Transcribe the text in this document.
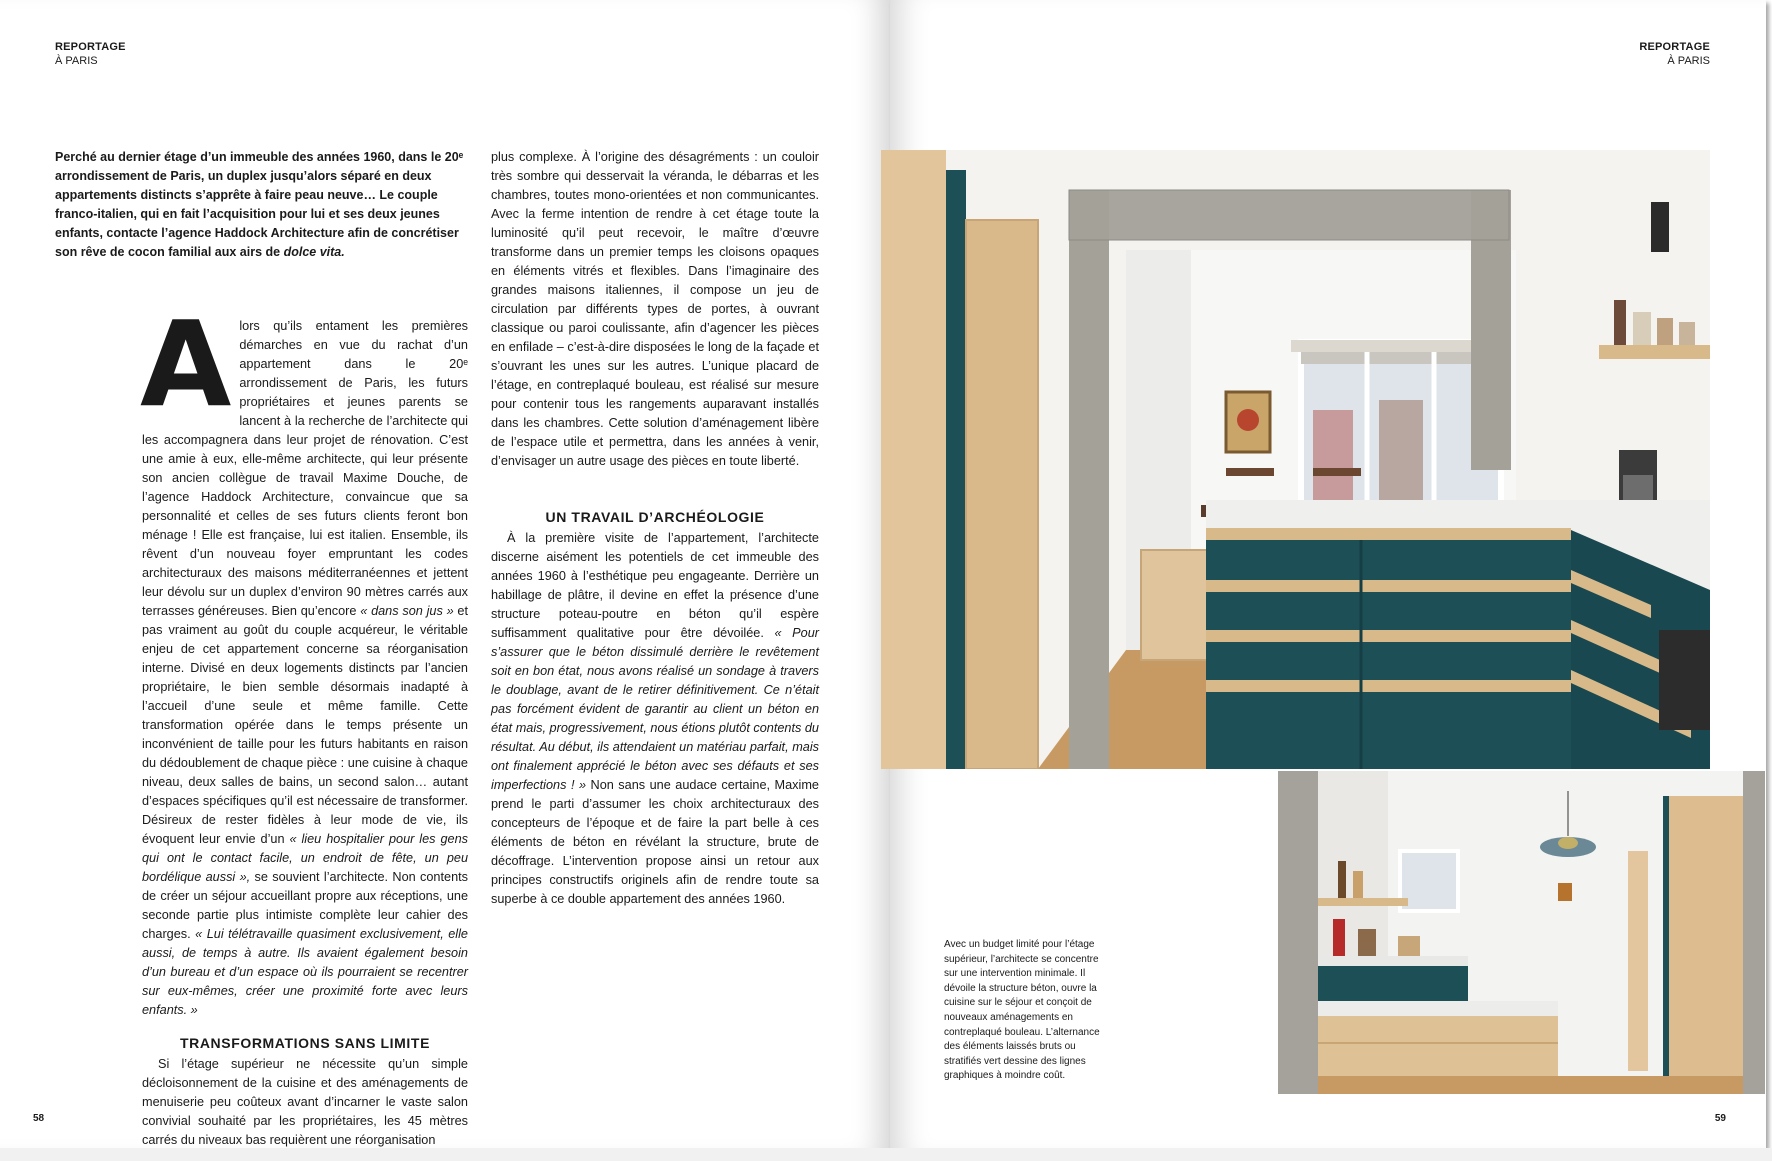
REPORTAGE
À PARIS
Perché au dernier étage d’un immeuble des années 1960, dans le 20ᵉ arrondissement de Paris, un duplex jusqu’alors séparé en deux appartements distincts s’apprête à faire peau neuve… Le couple franco-italien, qui en fait l’acquisition pour lui et ses deux jeunes enfants, contacte l’agence Haddock Architecture afin de concrétiser son rêve de cocon familial aux airs de dolce vita.
A lors qu’ils entament les premières démarches en vue du rachat d’un appartement dans le 20ᵉ arrondissement de Paris, les futurs propriétaires et jeunes parents se lancent à la recherche de l’architecte qui les accompagnera dans leur projet de rénovation. C’est une amie à eux, elle-même architecte, qui leur présente son ancien collègue de travail Maxime Douche, de l’agence Haddock Architecture, convaincue que sa personnalité et celles de ses futurs clients feront bon ménage ! Elle est française, lui est italien. Ensemble, ils rêvent d’un nouveau foyer empruntant les codes architecturaux des maisons méditerranéennes et jettent leur dévolu sur un duplex d’environ 90 mètres carrés aux terrasses généreuses. Bien qu’encore « dans son jus » et pas vraiment au goût du couple acquéreur, le véritable enjeu de cet appartement concerne sa réorganisation interne. Divisé en deux logements distincts par l’ancien propriétaire, le bien semble désormais inadapté à l’accueil d’une seule et même famille. Cette transformation opérée dans le temps présente un inconvénient de taille pour les futurs habitants en raison du dédoublement de chaque pièce : une cuisine à chaque niveau, deux salles de bains, un second salon… autant d’espaces spécifiques qu’il est nécessaire de transformer. Désireux de rester fidèles à leur mode de vie, ils évoquent leur envie d’un « lieu hospitalier pour les gens qui ont le contact facile, un endroit de fête, un peu bordélique aussi », se souvient l’architecte. Non contents de créer un séjour accueillant propre aux réceptions, une seconde partie plus intimiste complète leur cahier des charges. « Lui télétravaille quasiment exclusivement, elle aussi, de temps à autre. Ils avaient également besoin d’un bureau et d’un espace où ils pourraient se recentrer sur eux-mêmes, créer une proximité forte avec leurs enfants. »
TRANSFORMATIONS SANS LIMITE
Si l’étage supérieur ne nécessite qu’un simple décloisonnement de la cuisine et des aménagements de menuiserie peu coûteux avant d’incarner le vaste salon convivial souhaité par les propriétaires, les 45 mètres carrés du niveaux bas requièrent une réorganisation
plus complexe. À l’origine des désagréments : un couloir très sombre qui desservait la véranda, le débarras et les chambres, toutes mono-orientées et non communicantes. Avec la ferme intention de rendre à cet étage toute la luminosité qu’il peut recevoir, le maître d’œuvre transforme dans un premier temps les cloisons opaques en éléments vitrés et flexibles. Dans l’imaginaire des grandes maisons italiennes, il compose un jeu de circulation par différents types de portes, à ouvrant classique ou paroi coulissante, afin d’agencer les pièces en enfilade – c’est-à-dire disposées le long de la façade et s’ouvrant les unes sur les autres. L’unique placard de l’étage, en contreplaqué bouleau, est réalisé sur mesure pour contenir tous les rangements auparavant installés dans les chambres. Cette solution d’aménagement libère de l’espace utile et permettra, dans les années à venir, d’envisager un autre usage des pièces en toute liberté.
UN TRAVAIL D’ARCHÉOLOGIE
À la première visite de l’appartement, l’architecte discerne aisément les potentiels de cet immeuble des années 1960 à l’esthétique peu engageante. Derrière un habillage de plâtre, il devine en effet la présence d’une structure poteau-poutre en béton qu’il espère suffisamment qualitative pour être dévoilée. « Pour s’assurer que le béton dissimulé derrière le revêtement soit en bon état, nous avons réalisé un sondage à travers le doublage, avant de le retirer définitivement. Ce n’était pas forcément évident de garantir au client un béton en état mais, progressivement, nous étions plutôt contents du résultat. Au début, ils attendaient un matériau parfait, mais ont finalement apprécié le béton avec ses défauts et ses imperfections ! » Non sans une audace certaine, Maxime prend le parti d’assumer les choix architecturaux des concepteurs de l’époque et de faire la part belle à ces éléments de béton en révélant la structure, brute de décoffrage. L’intervention propose ainsi un retour aux principes constructifs originels afin de rendre toute sa superbe à ce double appartement des années 1960.
58
REPORTAGE
À PARIS
59
Avec un budget limité pour l’étage supérieur, l’architecte se concentre sur une intervention minimale. Il dévoile la structure béton, ouvre la cuisine sur le séjour et conçoit de nouveaux aménagements en contreplaqué bouleau. L’alternance des éléments laissés bruts ou stratifiés vert dessine des lignes graphiques à moindre coût.
